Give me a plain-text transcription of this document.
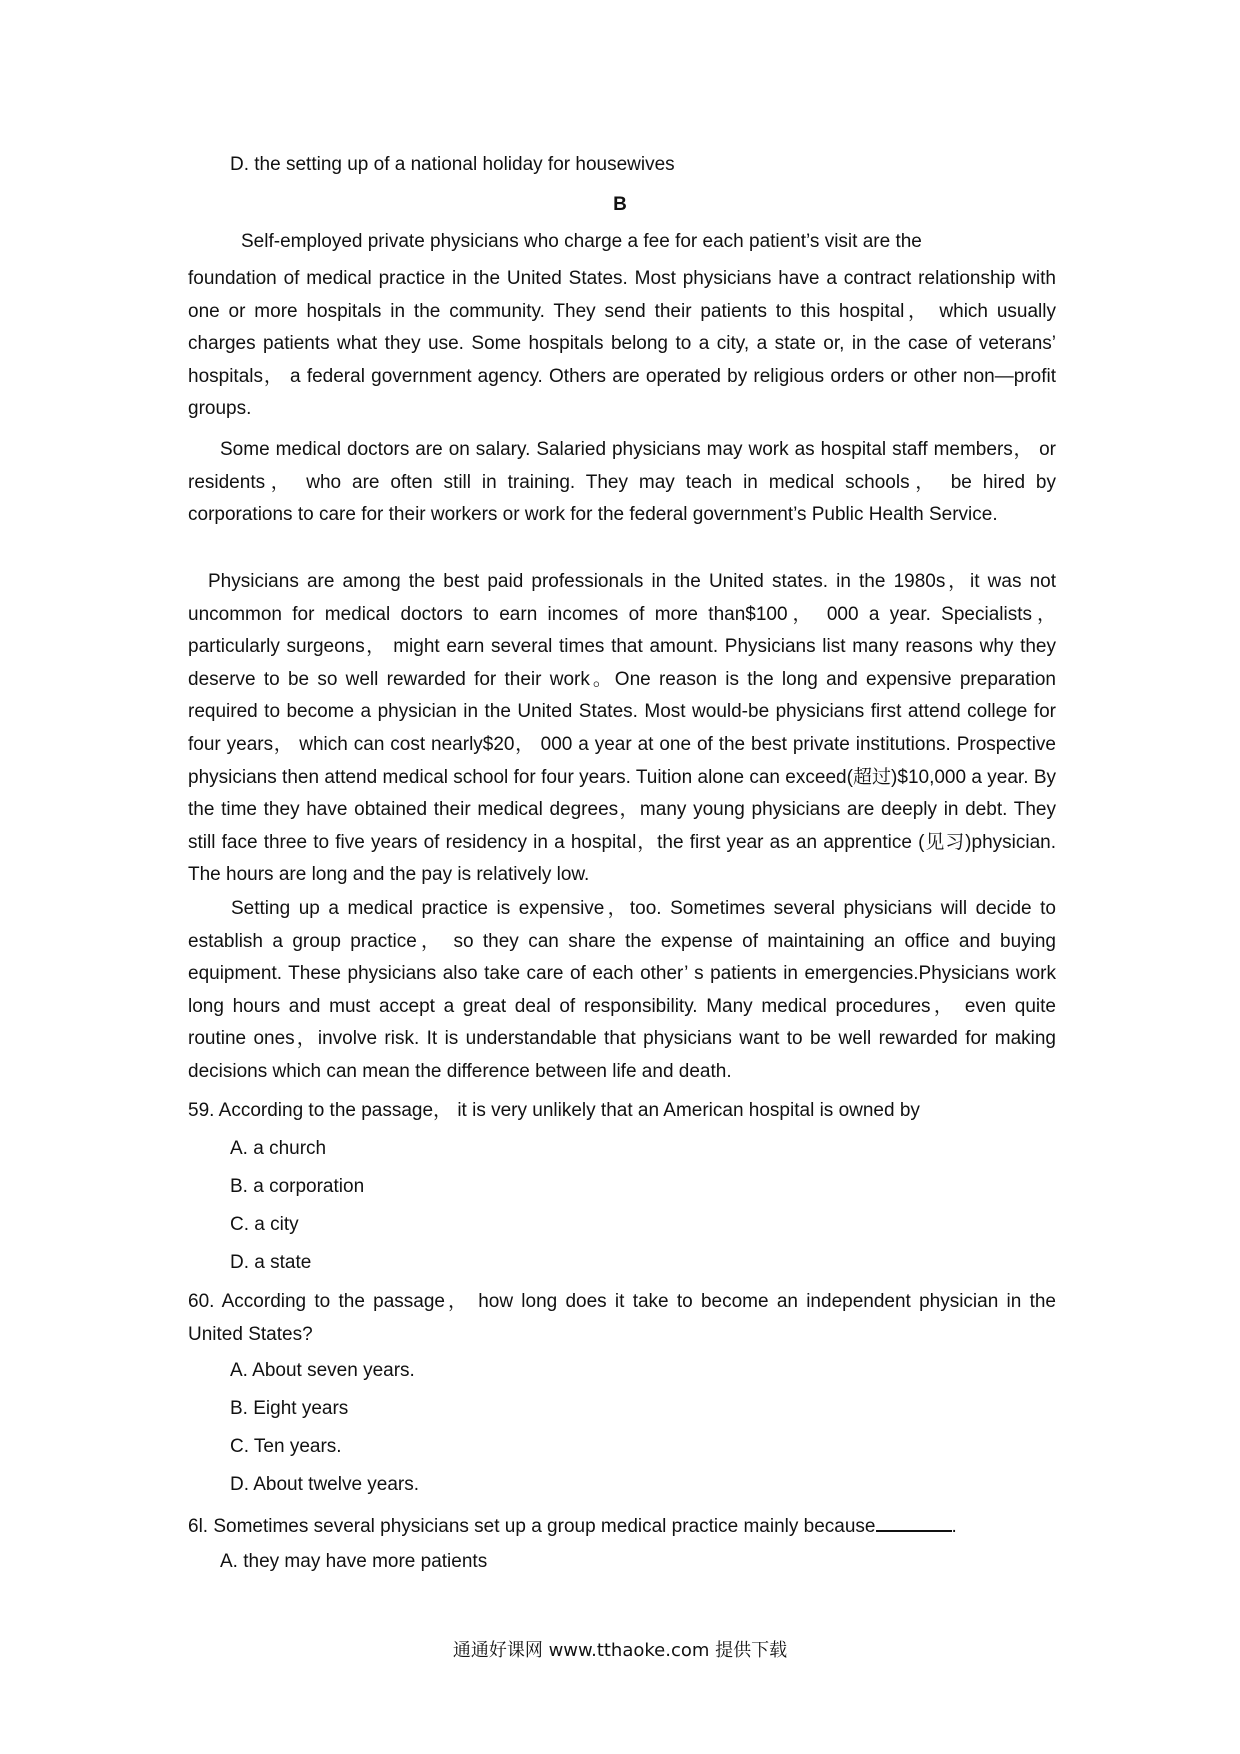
D. the setting up of a national holiday for housewives
B
Self-employed private physicians who charge a fee for each patient’s visit are the
foundation of medical practice in the United States. Most physicians have a contract relationship with one or more hospitals in the community. They send their patients to this hospital， which usually charges patients what they use. Some hospitals belong to a city, a state or, in the case of veterans’ hospitals， a federal government agency. Others are operated by religious orders or other non—profit groups.
Some medical doctors are on salary. Salaried physicians may work as hospital staff members， or residents， who are often still in training. They may teach in medical schools， be hired by corporations to care for their workers or work for the federal government’s Public Health Service.
Physicians are among the best paid professionals in the United states. in the 1980s，it was not uncommon for medical doctors to earn incomes of more than$100， 000 a year. Specialists， particularly surgeons， might earn several times that amount. Physicians list many reasons why they deserve to be so well rewarded for their work。One reason is the long and expensive preparation required to become a physician in the United States. Most would-be physicians first attend college for four years， which can cost nearly$20， 000 a year at one of the best private institutions. Prospective physicians then attend medical school for four years. Tuition alone can exceed(超过)$10,000 a year. By the time they have obtained their medical degrees，many young physicians are deeply in debt. They still face three to five years of residency in a hospital，the first year as an apprentice (见习)physician. The hours are long and the pay is relatively low.
Setting up a medical practice is expensive，too. Sometimes several physicians will decide to establish a group practice， so they can share the expense of maintaining an office and buying equipment. These physicians also take care of each other’ s patients in emergencies.Physicians work long hours and must accept a great deal of responsibility. Many medical procedures， even quite routine ones，involve risk. It is understandable that physicians want to be well rewarded for making decisions which can mean the difference between life and death.
59. According to the passage， it is very unlikely that an American hospital is owned by
A. a church
B. a corporation
C. a city
D. a state
60. According to the passage， how long does it take to become an independent physician in the United States?
A. About seven years.
B. Eight years
C. Ten years.
D. About twelve years.
6l. Sometimes several physicians set up a group medical practice mainly because	.
A. they may have more patients
通通好课网 www.tthaoke.com 提供下载
